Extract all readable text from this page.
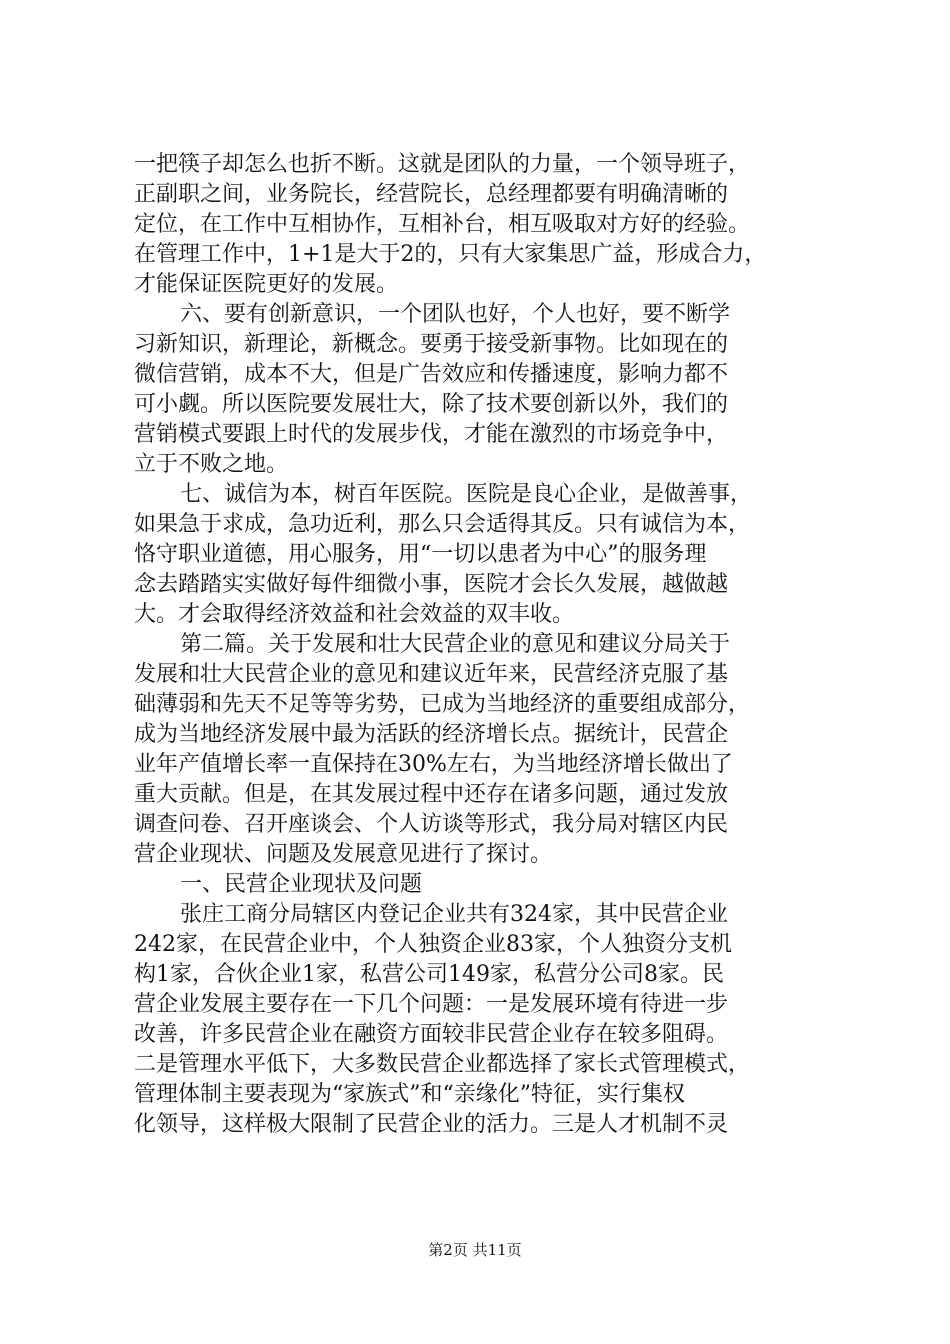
一把筷子却怎么也折不断。这就是团队的力量，一个领导班子，
正副职之间，业务院长，经营院长，总经理都要有明确清晰的
定位，在工作中互相协作，互相补台，相互吸取对方好的经验。
在管理工作中，1+1是大于2的，只有大家集思广益，形成合力，
才能保证医院更好的发展。
六、要有创新意识，一个团队也好，个人也好，要不断学
习新知识，新理论，新概念。要勇于接受新事物。比如现在的
微信营销，成本不大，但是广告效应和传播速度，影响力都不
可小觑。所以医院要发展壮大，除了技术要创新以外，我们的
营销模式要跟上时代的发展步伐，才能在激烈的市场竞争中，
立于不败之地。
七、诚信为本，树百年医院。医院是良心企业，是做善事，
如果急于求成，急功近利，那么只会适得其反。只有诚信为本，
恪守职业道德，用心服务，用“一切以患者为中心”的服务理
念去踏踏实实做好每件细微小事，医院才会长久发展，越做越
大。才会取得经济效益和社会效益的双丰收。
第二篇。关于发展和壮大民营企业的意见和建议分局关于
发展和壮大民营企业的意见和建议近年来，民营经济克服了基
础薄弱和先天不足等等劣势，已成为当地经济的重要组成部分，
成为当地经济发展中最为活跃的经济增长点。据统计，民营企
业年产值增长率一直保持在30%左右，为当地经济增长做出了
重大贡献。但是，在其发展过程中还存在诸多问题，通过发放
调查问卷、召开座谈会、个人访谈等形式，我分局对辖区内民
营企业现状、问题及发展意见进行了探讨。
一、民营企业现状及问题
张庄工商分局辖区内登记企业共有324家，其中民营企业
242家，在民营企业中，个人独资企业83家，个人独资分支机
构1家，合伙企业1家，私营公司149家，私营分公司8家。民
营企业发展主要存在一下几个问题：一是发展环境有待进一步
改善，许多民营企业在融资方面较非民营企业存在较多阻碍。
二是管理水平低下，大多数民营企业都选择了家长式管理模式，
管理体制主要表现为“家族式”和“亲缘化”特征，实行集权
化领导，这样极大限制了民营企业的活力。三是人才机制不灵
第2页 共11页
